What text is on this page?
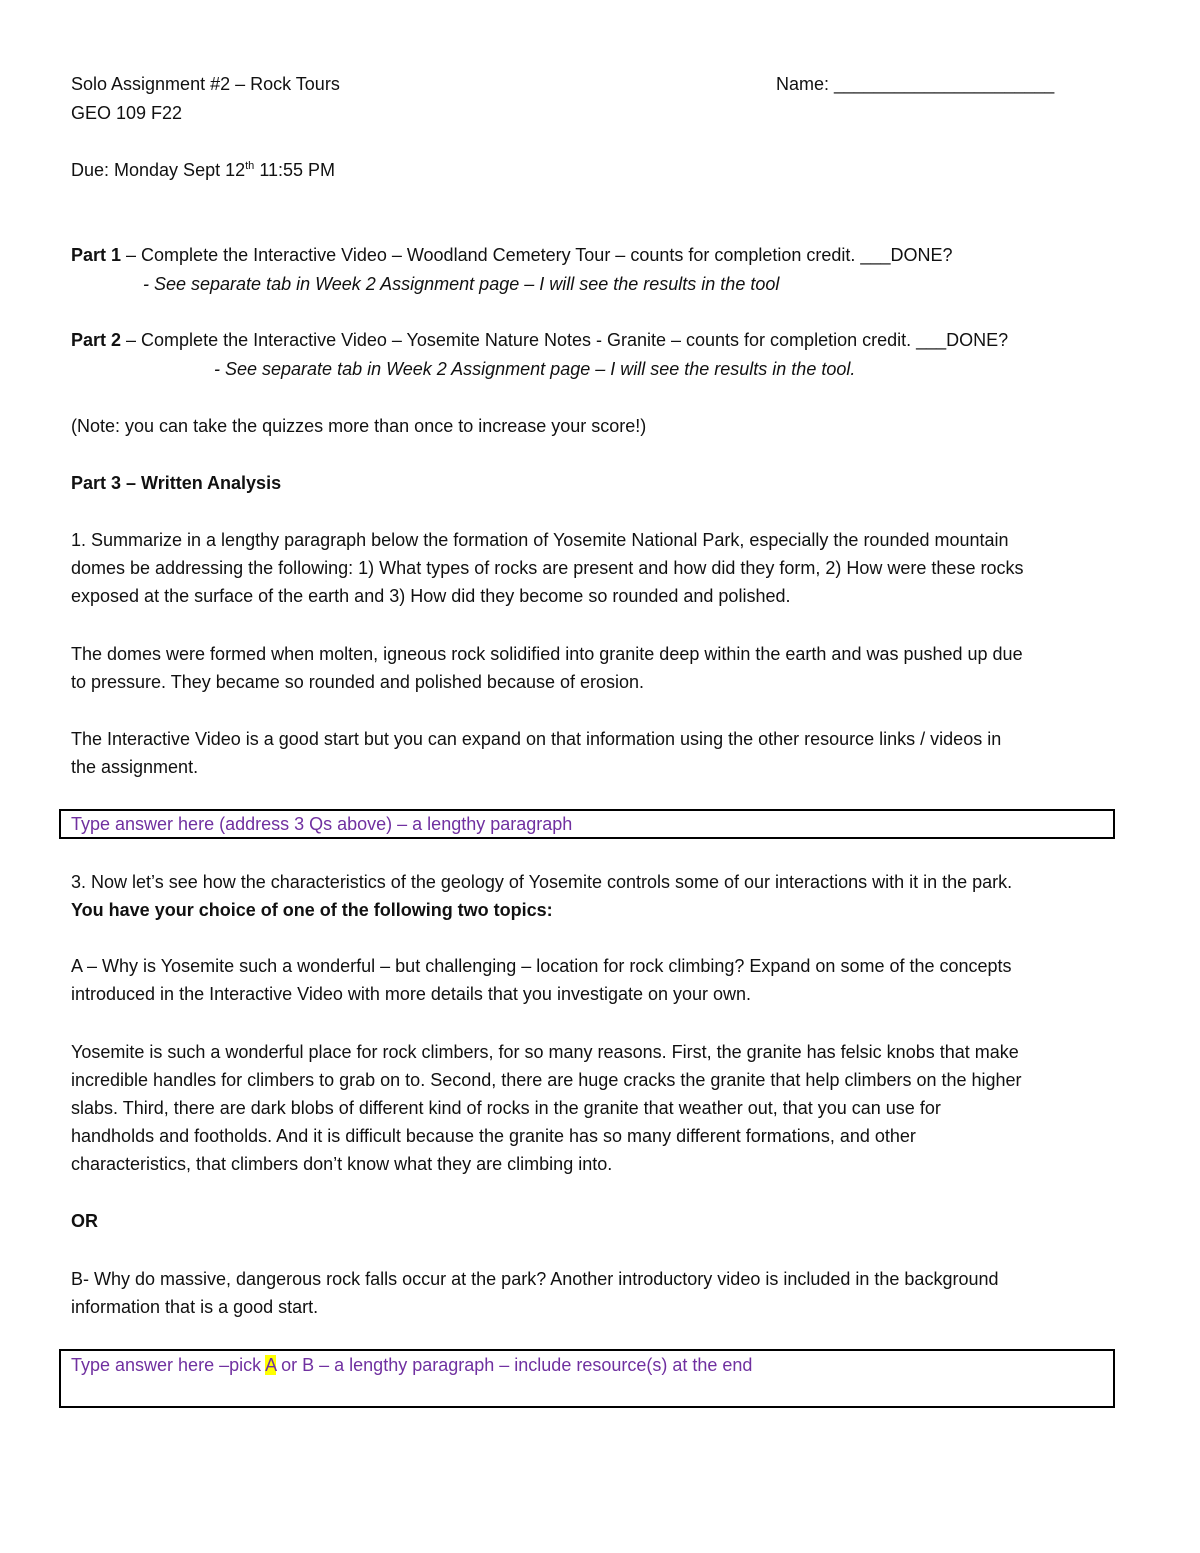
Solo Assignment #2 – Rock Tours	Name: ______________________
GEO 109 F22
Due: Monday Sept 12th 11:55 PM
Part 1 – Complete the Interactive Video – Woodland Cemetery Tour – counts for completion credit. ___DONE?
- See separate tab in Week 2 Assignment page – I will see the results in the tool
Part 2 – Complete the Interactive Video – Yosemite Nature Notes - Granite – counts for completion credit. ___DONE?
- See separate tab in Week 2 Assignment page – I will see the results in the tool.
(Note: you can take the quizzes more than once to increase your score!)
Part 3 – Written Analysis
1. Summarize in a lengthy paragraph below the formation of Yosemite National Park, especially the rounded mountain
domes be addressing the following: 1) What types of rocks are present and how did they form, 2) How were these rocks
exposed at the surface of the earth and 3) How did they become so rounded and polished.
The domes were formed when molten, igneous rock solidified into granite deep within the earth and was pushed up due
to pressure. They became so rounded and polished because of erosion.
The Interactive Video is a good start but you can expand on that information using the other resource links / videos in
the assignment.
Type answer here (address 3 Qs above) – a lengthy paragraph
3. Now let’s see how the characteristics of the geology of Yosemite controls some of our interactions with it in the park.
You have your choice of one of the following two topics:
A – Why is Yosemite such a wonderful – but challenging – location for rock climbing? Expand on some of the concepts
introduced in the Interactive Video with more details that you investigate on your own.
Yosemite is such a wonderful place for rock climbers, for so many reasons. First, the granite has felsic knobs that make
incredible handles for climbers to grab on to. Second, there are huge cracks the granite that help climbers on the higher
slabs. Third, there are dark blobs of different kind of rocks in the granite that weather out, that you can use for
handholds and footholds. And it is difficult because the granite has so many different formations, and other
characteristics, that climbers don’t know what they are climbing into.
OR
B- Why do massive, dangerous rock falls occur at the park? Another introductory video is included in the background
information that is a good start.
Type answer here –pick A or B – a lengthy paragraph – include resource(s) at the end
